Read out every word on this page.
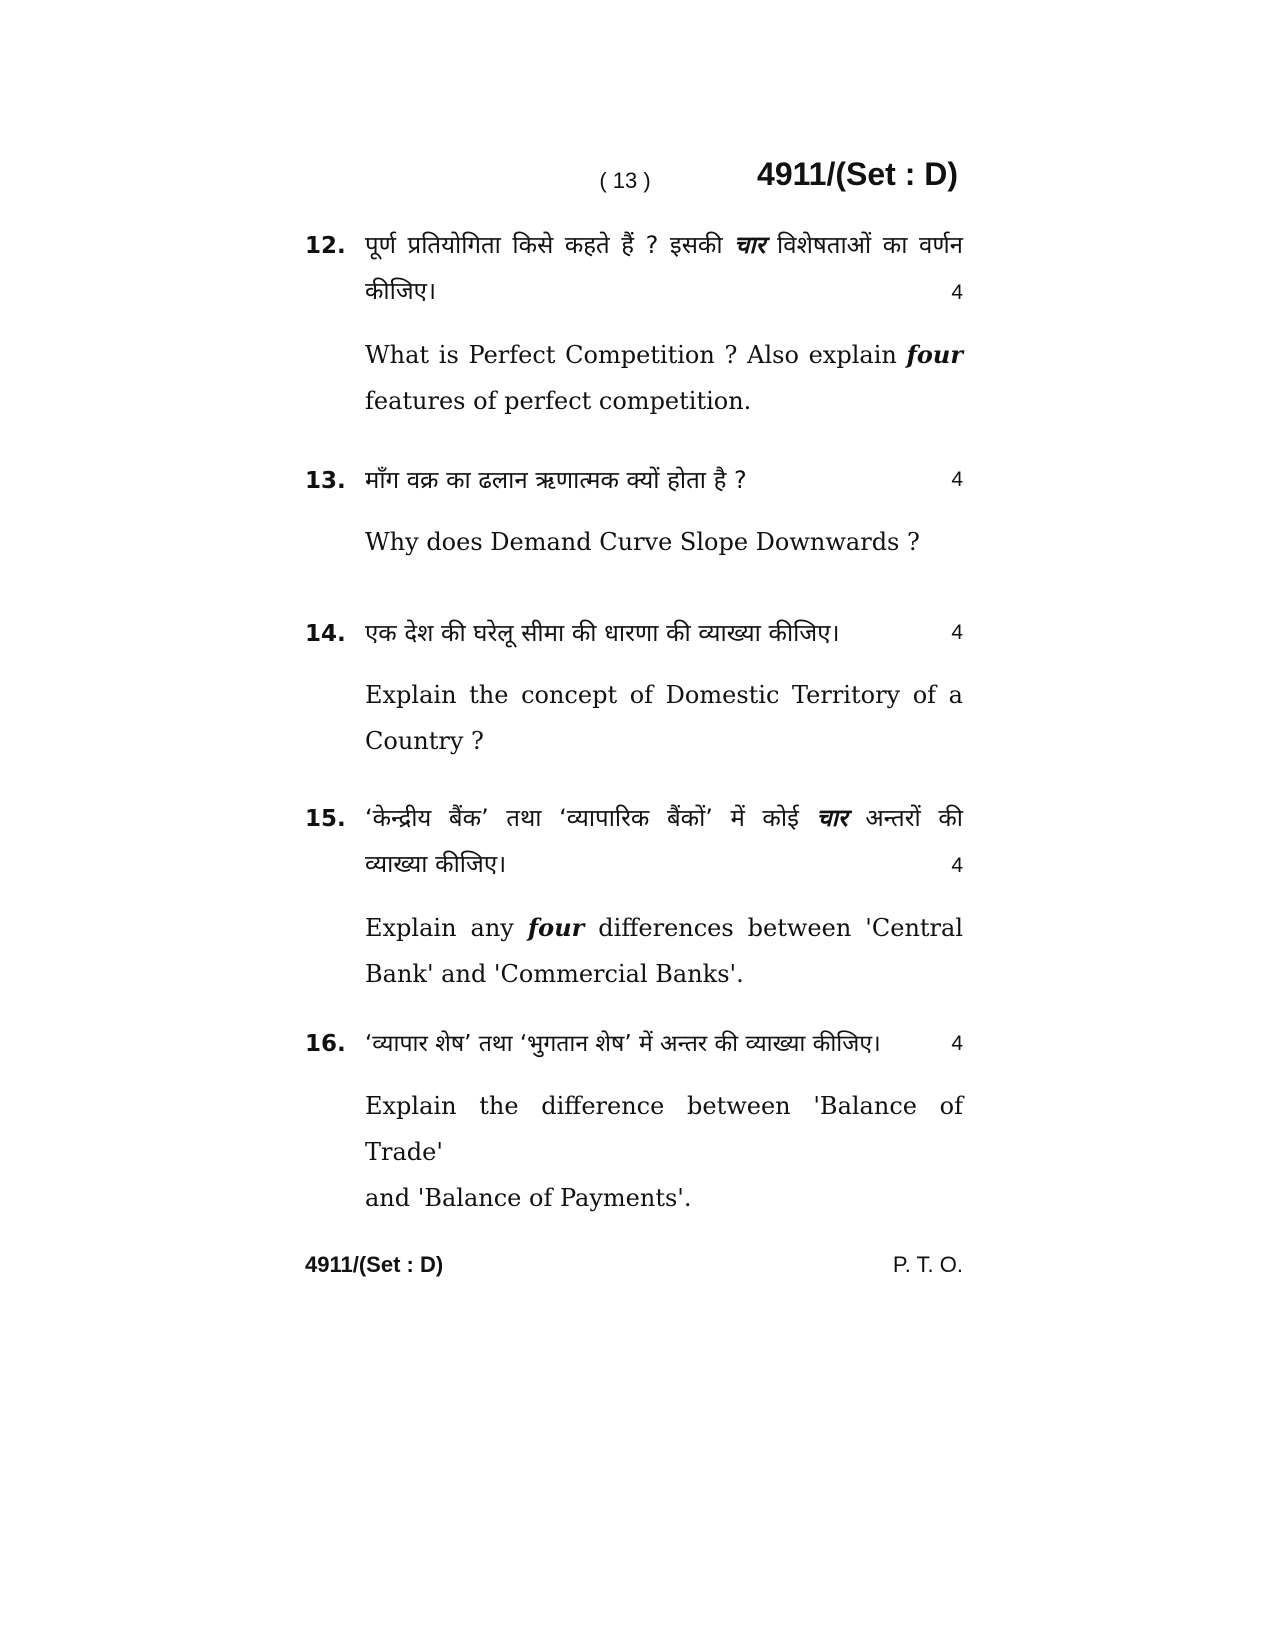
( 13 )	4911/(Set : D)
12. पूर्ण प्रतियोगिता किसे कहते हैं ? इसकी चार विशेषताओं का वर्णन
कीजिए।	4
What is Perfect Competition ? Also explain four
features of perfect competition.
13. माँग वक्र का ढलान ऋणात्मक क्यों होता है ?	4
Why does Demand Curve Slope Downwards ?
14. एक देश की घरेलू सीमा की धारणा की व्याख्या कीजिए।	4
Explain the concept of Domestic Territory of a
Country ?
15. ‘केन्द्रीय बैंक’ तथा ‘व्यापारिक बैंकों’ में कोई चार अन्तरों की
व्याख्या कीजिए।	4
Explain any four differences between 'Central
Bank' and 'Commercial Banks'.
16. ‘व्यापार शेष’ तथा ‘भुगतान शेष’ में अन्तर की व्याख्या कीजिए।	4
Explain the difference between 'Balance of Trade'
and 'Balance of Payments'.
4911/(Set : D)	P. T. O.
